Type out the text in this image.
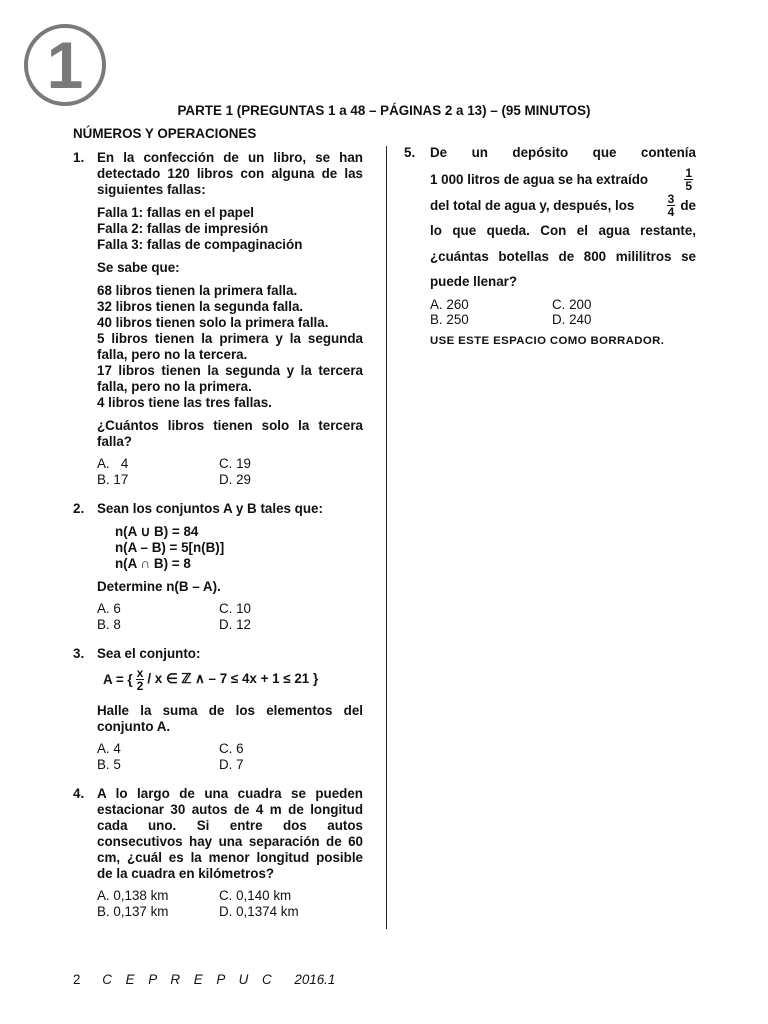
1
PARTE 1 (PREGUNTAS 1 a 48 – PÁGINAS 2 a 13) – (95 MINUTOS)
NÚMEROS Y OPERACIONES
1. En la confección de un libro, se han detectado 120 libros con alguna de las siguientes fallas:
Falla 1: fallas en el papel
Falla 2: fallas de impresión
Falla 3: fallas de compaginación
Se sabe que:
68 libros tienen la primera falla.
32 libros tienen la segunda falla.
40 libros tienen solo la primera falla.
5 libros tienen la primera y la segunda falla, pero no la tercera.
17 libros tienen la segunda y la tercera falla, pero no la primera.
4 libros tiene las tres fallas.
¿Cuántos libros tienen solo la tercera falla?
A.   4	C. 19
B. 17	D. 29
2. Sean los conjuntos A y B tales que:
n(A ∪ B) = 84
n(A – B) = 5[n(B)]
n(A ∩ B) = 8
Determine n(B – A).
A. 6	C. 10
B. 8	D. 12
3. Sea el conjunto:
A = { $\frac{x}{2}$ / x ∈ ℤ ∧ – 7 ≤ 4x + 1 ≤ 21 }
Halle la suma de los elementos del conjunto A.
A. 4	C. 6
B. 5	D. 7
4. A lo largo de una cuadra se pueden estacionar 30 autos de 4 m de longitud cada uno. Si entre dos autos consecutivos hay una separación de 60 cm, ¿cuál es la menor longitud posible de la cuadra en kilómetros?
A. 0,138 km	C. 0,140 km
B. 0,137 km	D. 0,1374 km
5. De un depósito que contenía
1 000 litros de agua se ha extraído	$\frac{1}{5}$
del total de agua y, después, los	$\frac{3}{4}$ de
lo que queda. Con el agua restante,
¿cuántas botellas de 800 mililitros se
puede llenar?
A. 260	C. 200
B. 250	D. 240
USE ESTE ESPACIO COMO BORRADOR.
2 C E P R E P U C 2016.1
